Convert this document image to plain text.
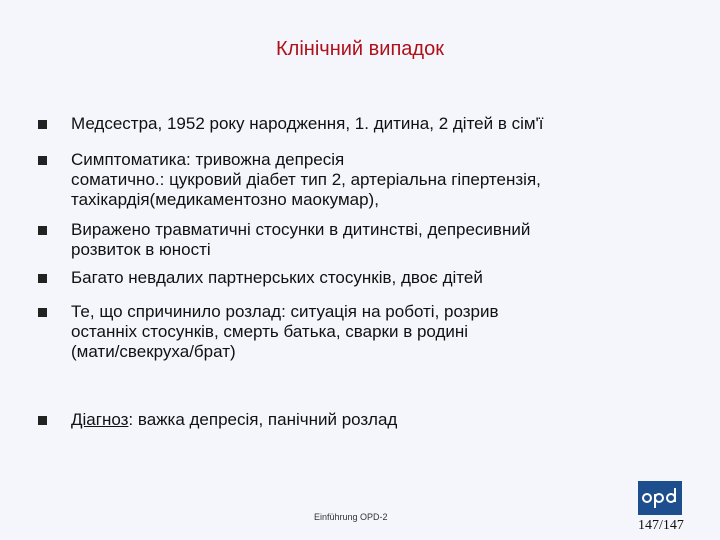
Клінічний випадок
Медсестра, 1952 року народження, 1. дитина, 2 дітей в сім'ї
Симптоматика: тривожна депресія
соматично.: цукровий діабет тип 2, артеріальна гіпертензія,
тахікардія(медикаментозно маокумар),
Виражено травматичні стосунки в дитинстві, депресивний
розвиток в юності
Багато невдалих партнерських стосунків, двоє дітей
Те, що спричинило розлад: ситуація на роботі, розрив
останніх стосунків, смерть батька, сварки в родині
(мати/свекруха/брат)
Діагноз: важка депресія, панічний розлад
Einführung OPD-2
147/147
